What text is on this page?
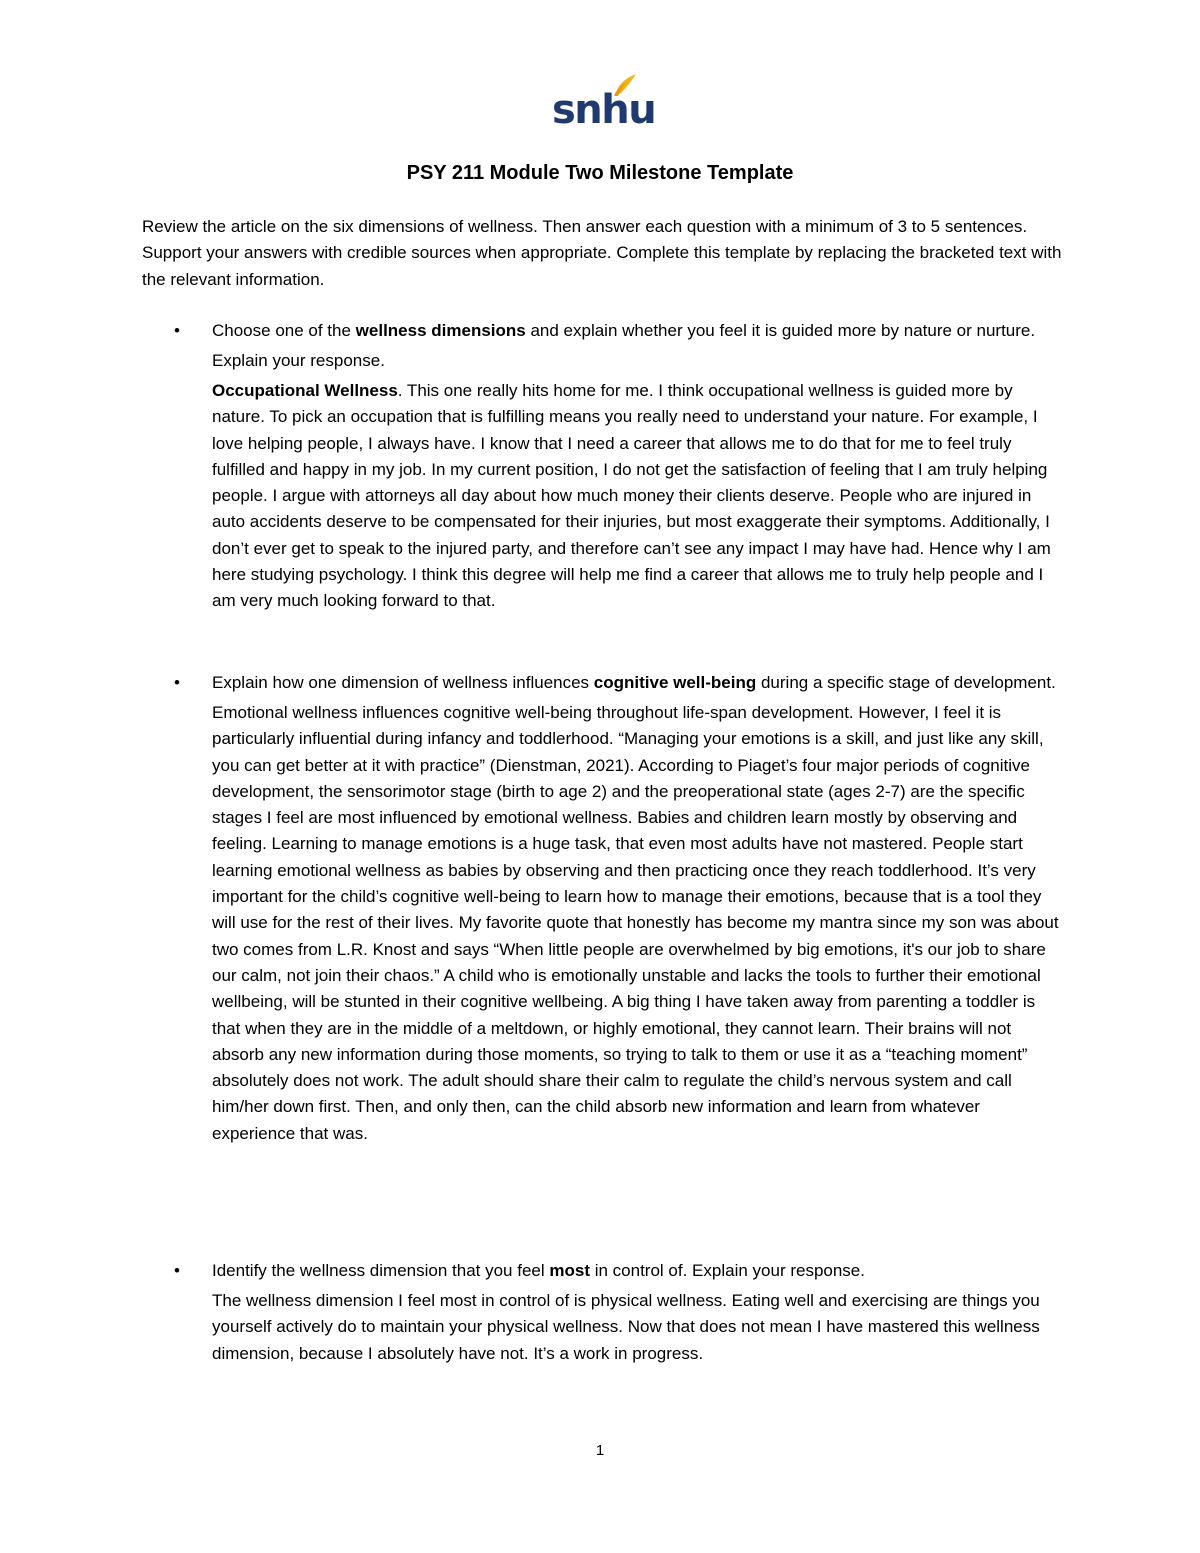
snhu
PSY 211 Module Two Milestone Template
Review the article on the six dimensions of wellness. Then answer each question with a minimum of 3 to 5 sentences. Support your answers with credible sources when appropriate. Complete this template by replacing the bracketed text with the relevant information.
• Choose one of the wellness dimensions and explain whether you feel it is guided more by nature or nurture. Explain your response.
Occupational Wellness. This one really hits home for me. I think occupational wellness is guided more by nature. To pick an occupation that is fulfilling means you really need to understand your nature. For example, I love helping people, I always have. I know that I need a career that allows me to do that for me to feel truly fulfilled and happy in my job. In my current position, I do not get the satisfaction of feeling that I am truly helping people. I argue with attorneys all day about how much money their clients deserve. People who are injured in auto accidents deserve to be compensated for their injuries, but most exaggerate their symptoms. Additionally, I don’t ever get to speak to the injured party, and therefore can’t see any impact I may have had. Hence why I am here studying psychology. I think this degree will help me find a career that allows me to truly help people and I am very much looking forward to that.
• Explain how one dimension of wellness influences cognitive well-being during a specific stage of development.
Emotional wellness influences cognitive well-being throughout life-span development. However, I feel it is particularly influential during infancy and toddlerhood. “Managing your emotions is a skill, and just like any skill, you can get better at it with practice” (Dienstman, 2021). According to Piaget’s four major periods of cognitive development, the sensorimotor stage (birth to age 2) and the preoperational state (ages 2-7) are the specific stages I feel are most influenced by emotional wellness. Babies and children learn mostly by observing and feeling. Learning to manage emotions is a huge task, that even most adults have not mastered. People start learning emotional wellness as babies by observing and then practicing once they reach toddlerhood. It’s very important for the child’s cognitive well-being to learn how to manage their emotions, because that is a tool they will use for the rest of their lives. My favorite quote that honestly has become my mantra since my son was about two comes from L.R. Knost and says “When little people are overwhelmed by big emotions, it's our job to share our calm, not join their chaos.” A child who is emotionally unstable and lacks the tools to further their emotional wellbeing, will be stunted in their cognitive wellbeing. A big thing I have taken away from parenting a toddler is that when they are in the middle of a meltdown, or highly emotional, they cannot learn. Their brains will not absorb any new information during those moments, so trying to talk to them or use it as a “teaching moment” absolutely does not work. The adult should share their calm to regulate the child’s nervous system and call him/her down first. Then, and only then, can the child absorb new information and learn from whatever experience that was.
• Identify the wellness dimension that you feel most in control of. Explain your response.
The wellness dimension I feel most in control of is physical wellness. Eating well and exercising are things you yourself actively do to maintain your physical wellness. Now that does not mean I have mastered this wellness dimension, because I absolutely have not. It’s a work in progress.
1
